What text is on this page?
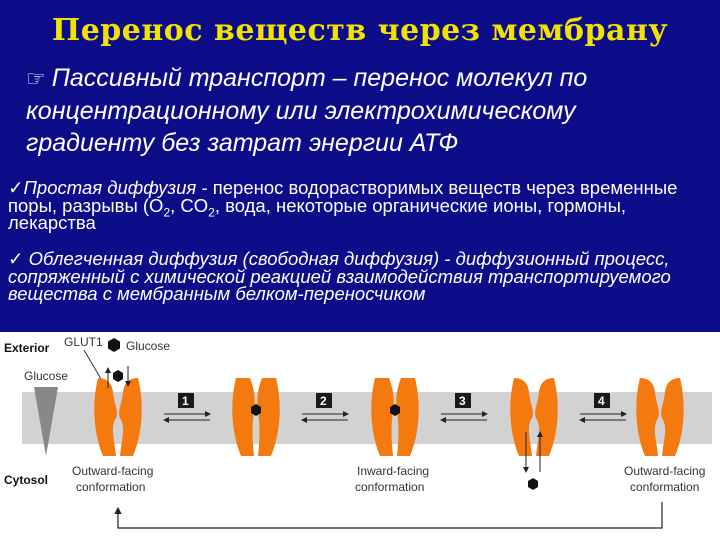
Перенос веществ через мембрану
☞ Пассивный транспорт – перенос молекул по концентрационному или электрохимическому градиенту без затрат энергии АТФ
✓Простая диффузия - перенос водорастворимых веществ через временные поры, разрывы ($O_2$, $CO_2$, вода, некоторые органические ионы, гормоны, лекарства
✓ Облегченная диффузия (свободная диффузия) - диффузионный процесс, сопряженный с химической реакцией взаимодействия транспортируемого вещества с мембранным белком-переносчиком
Exterior
Cytosol
GLUT1 Glucose
Glucose
1	2	3	4
Outward-facing
conformation
Inward-facing
conformation
Outward-facing
conformation
